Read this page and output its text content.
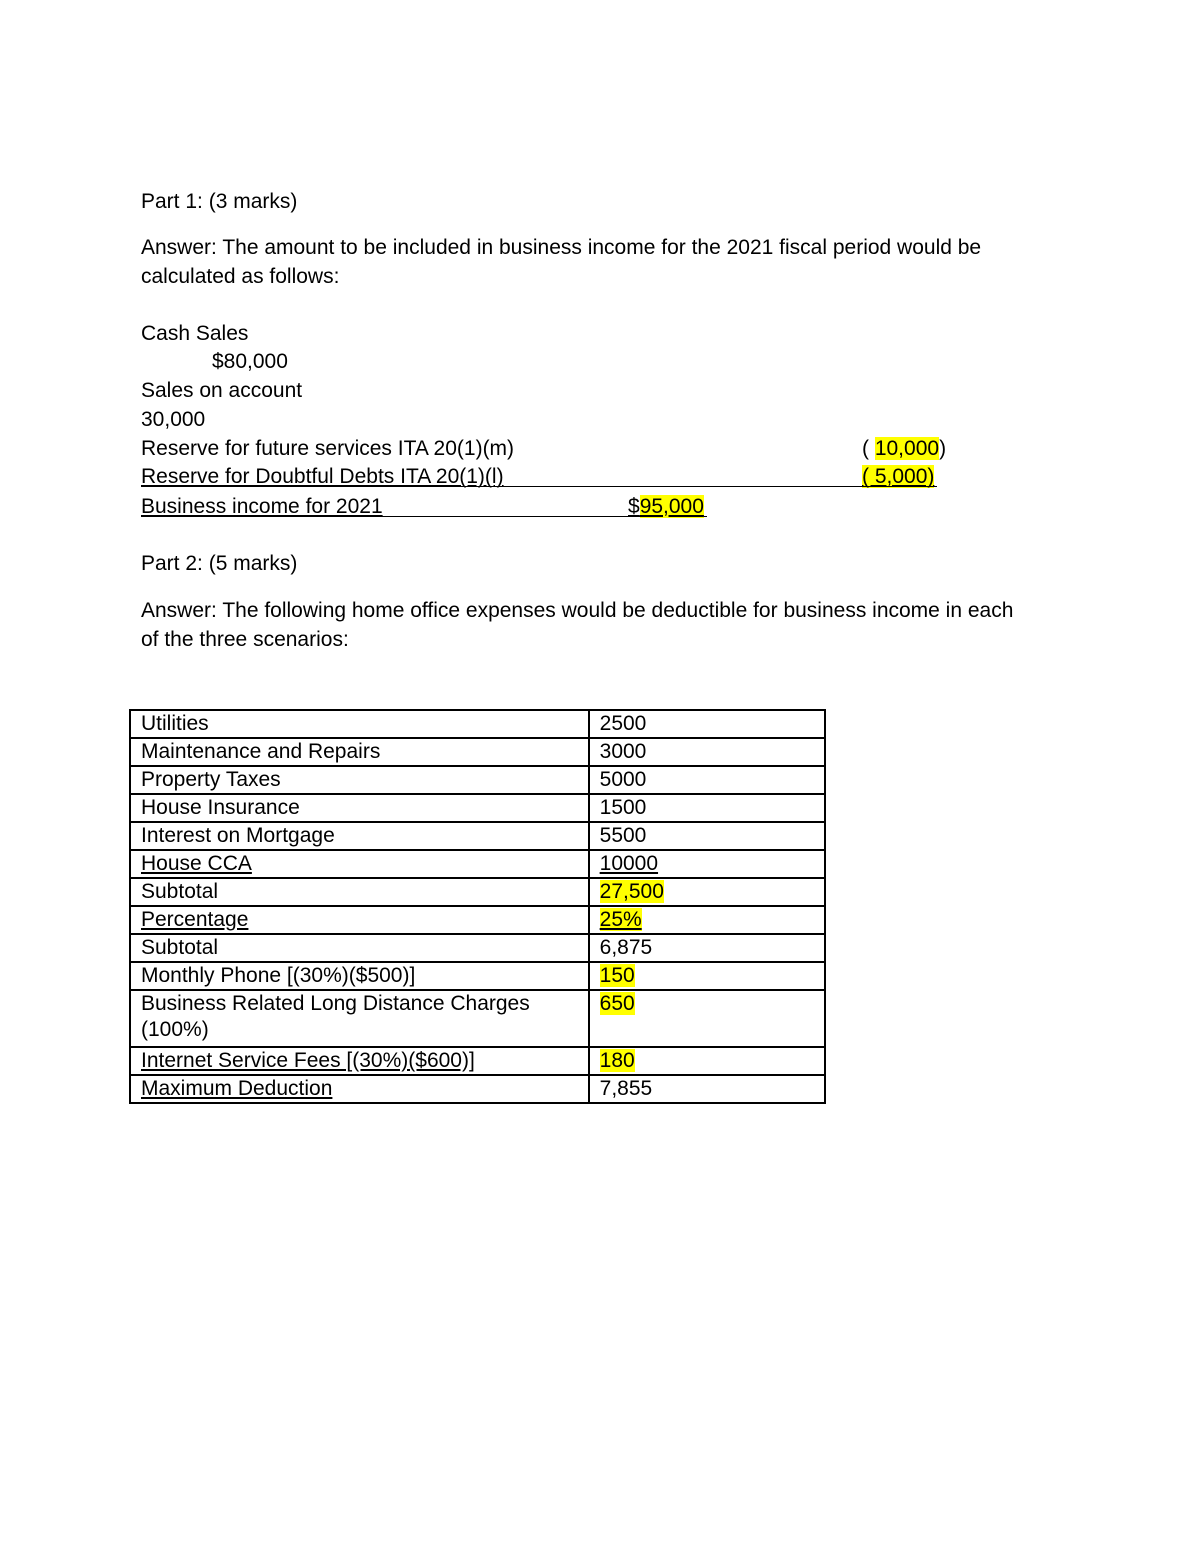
Part 1: (3 marks)
Answer: The amount to be included in business income for the 2021 fiscal period would be
calculated as follows:
Cash Sales
$80,000
Sales on account
30,000
Reserve for future services ITA 20(1)(m)	( 10,000)
Reserve for Doubtful Debts ITA 20(1)(l)	( 5,000)
Business income for 2021	$95,000
Part 2: (5 marks)
Answer: The following home office expenses would be deductible for business income in each
of the three scenarios:
Utilities	2500
Maintenance and Repairs	3000
Property Taxes	5000
House Insurance	1500
Interest on Mortgage	5500
House CCA	10000
Subtotal	27,500
Percentage	25%
Subtotal	6,875
Monthly Phone [(30%)($500)]	150
Business Related Long Distance Charges (100%)	650
Internet Service Fees [(30%)($600)]	180
Maximum Deduction	7,855
